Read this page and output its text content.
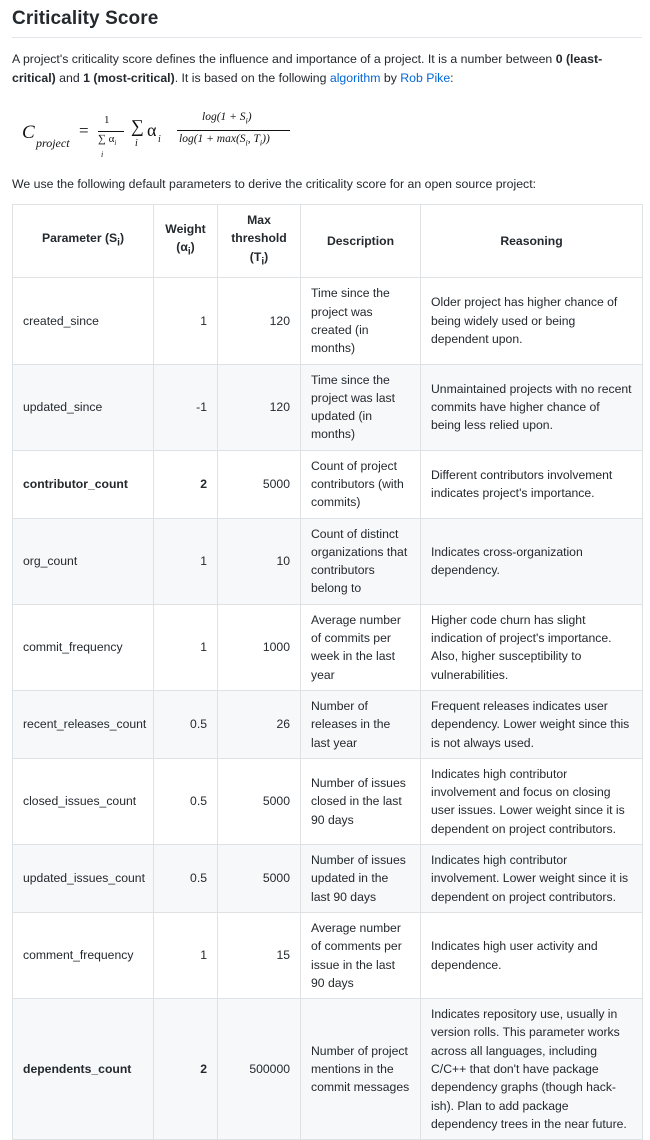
Criticality Score

A project's criticality score defines the influence and importance of a project. It is a number between 0 (least-critical) and 1 (most-critical). It is based on the following algorithm by Rob Pike:

C project
=
1
∑ $\alpha_i$
i
∑
i
α i
$\log(1 + S_i)$
$\log(1 + \max(S_i$, $T_i$))

We use the following default parameters to derive the criticality score for an open source project:

Parameter $(S_i)$	Weight $(\alpha_i)$	Max threshold $(T_i)$	Description	Reasoning
created_since	1	120	Time since the project was created (in months)	Older project has higher chance of being widely used or being dependent upon.
updated_since	-1	120	Time since the project was last updated (in months)	Unmaintained projects with no recent commits have higher chance of being less relied upon.
contributor_count	2	5000	Count of project contributors (with commits)	Different contributors involvement indicates project's importance.
org_count	1	10	Count of distinct organizations that contributors belong to	Indicates cross-organization dependency.
commit_frequency	1	1000	Average number of commits per week in the last year	Higher code churn has slight indication of project's importance. Also, higher susceptibility to vulnerabilities.
recent_releases_count	0.5	26	Number of releases in the last year	Frequent releases indicates user dependency. Lower weight since this is not always used.
closed_issues_count	0.5	5000	Number of issues closed in the last 90 days	Indicates high contributor involvement and focus on closing user issues. Lower weight since it is dependent on project contributors.
updated_issues_count	0.5	5000	Number of issues updated in the last 90 days	Indicates high contributor involvement. Lower weight since it is dependent on project contributors.
comment_frequency	1	15	Average number of comments per issue in the last 90 days	Indicates high user activity and dependence.
dependents_count	2	500000	Number of project mentions in the commit messages	Indicates repository use, usually in version rolls. This parameter works across all languages, including C/C++ that don't have package dependency graphs (though hack-ish). Plan to add package dependency trees in the near future.
